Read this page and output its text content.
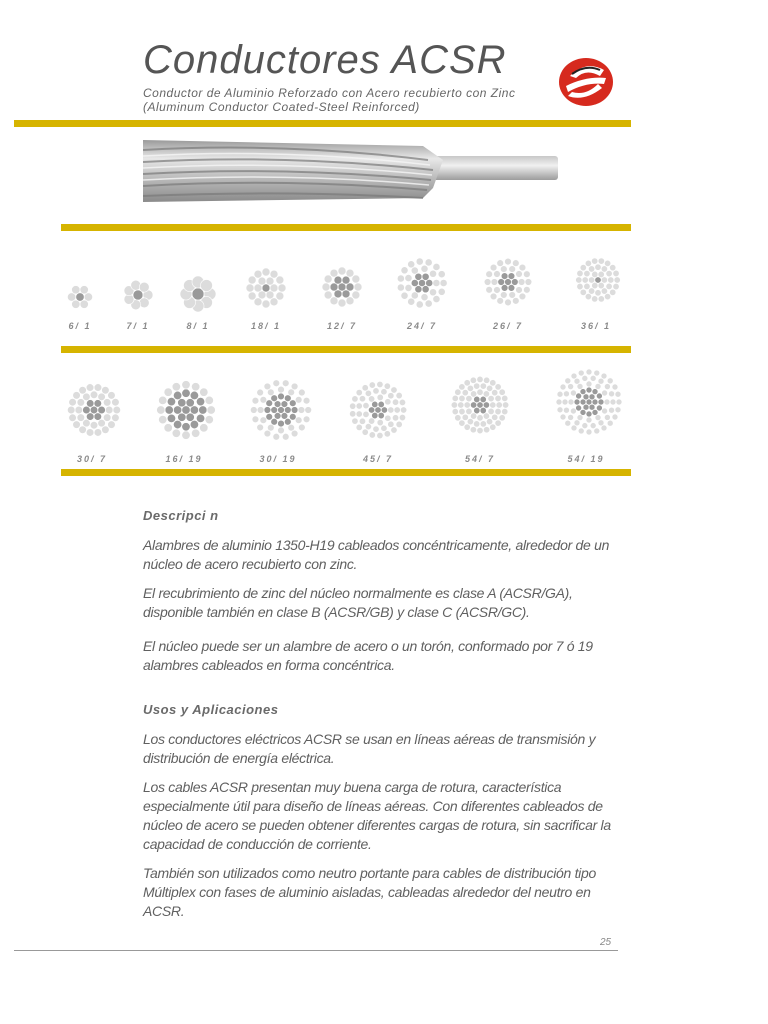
Conductores ACSR
Conductor de Aluminio Reforzado con Acero recubierto con Zinc
(Aluminum Conductor Coated-Steel Reinforced)
6/ 1	7/ 1	8/ 1	18/ 1	12/ 7	24/ 7	26/ 7	36/ 1
30/ 7	16/ 19	30/ 19	45/ 7	54/ 7	54/ 19
Descripci n
Alambres de aluminio 1350-H19 cableados concéntricamente, alrededor de un núcleo de acero recubierto con zinc.
El recubrimiento de zinc del núcleo normalmente es clase A (ACSR/GA), disponible también en clase B (ACSR/GB) y clase C (ACSR/GC).
El núcleo puede ser un alambre de acero o un torón, conformado por 7 ó 19 alambres cableados en forma concéntrica.
Usos y Aplicaciones
Los conductores eléctricos ACSR se usan en líneas aéreas de transmisión y distribución de energía eléctrica.
Los cables ACSR presentan muy buena carga de rotura, característica especialmente útil para diseño de líneas aéreas. Con diferentes cableados de núcleo de acero se pueden obtener diferentes cargas de rotura, sin sacrificar la capacidad de conducción de corriente.
También son utilizados como neutro portante para cables de distribución tipo Múltiplex con fases de aluminio aisladas, cableadas alrededor del neutro en ACSR.
25
